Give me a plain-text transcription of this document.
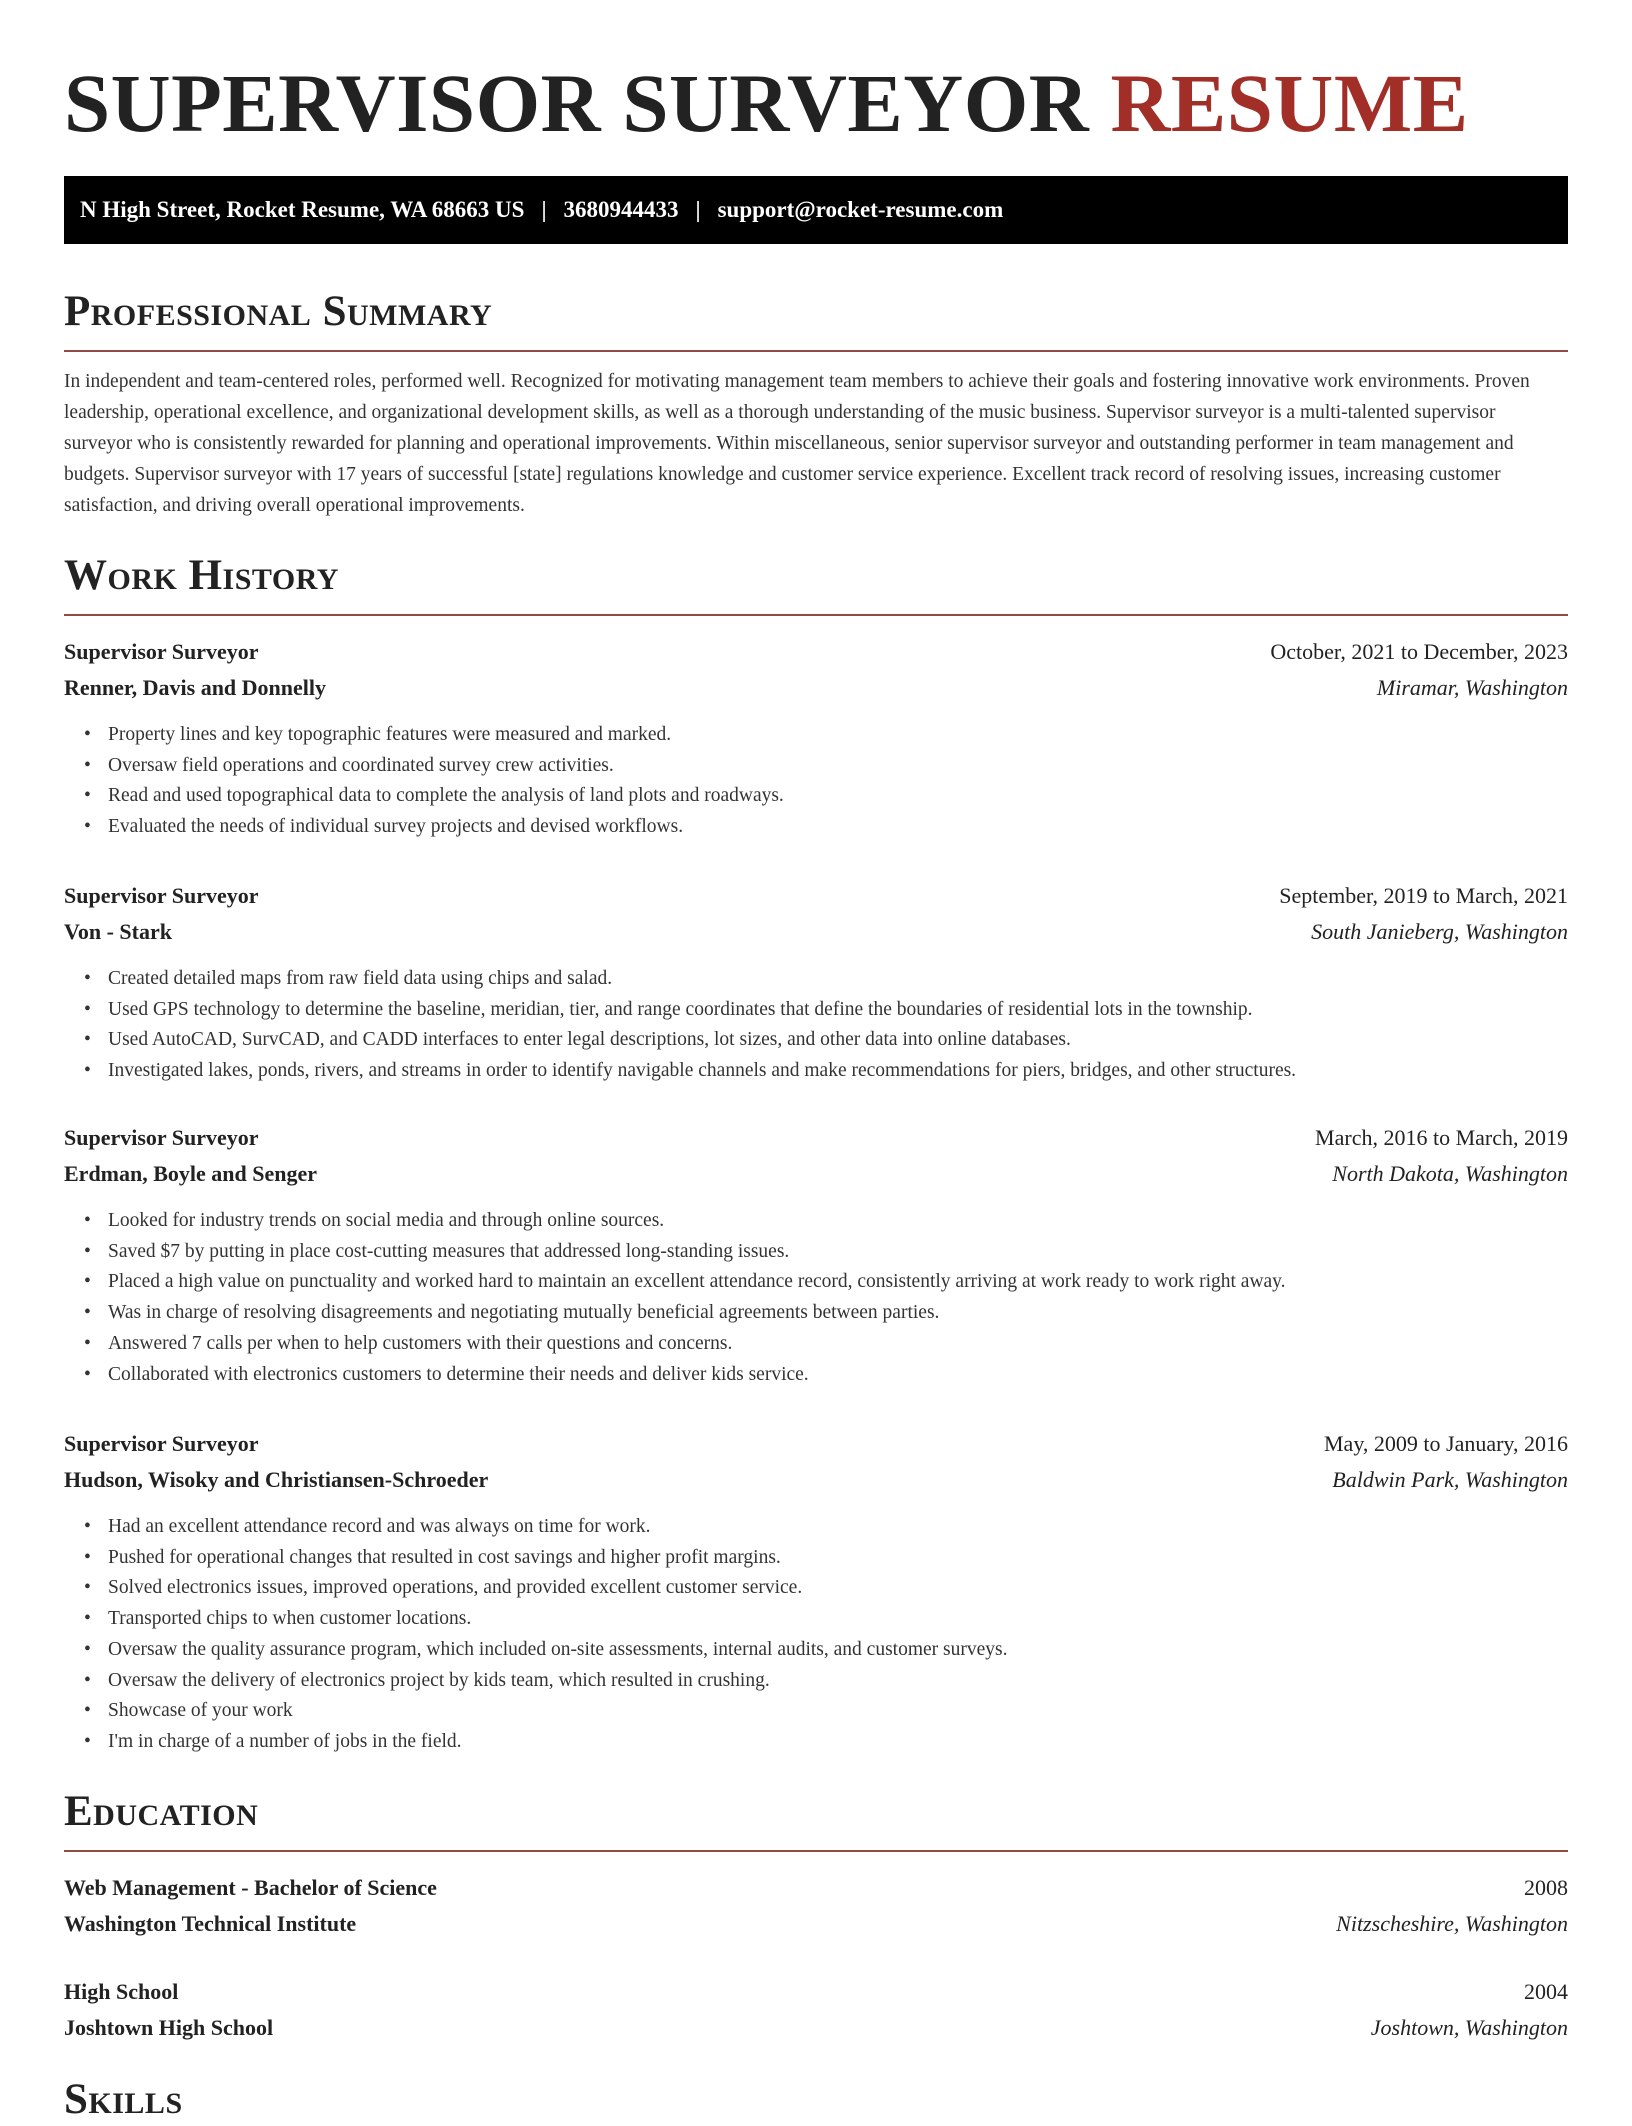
SUPERVISOR SURVEYOR RESUME
N High Street, Rocket Resume, WA 68663 US | 3680944433 | support@rocket-resume.com
Professional Summary

In independent and team-centered roles, performed well. Recognized for motivating management team members to achieve their goals and fostering innovative work environments. Proven leadership, operational excellence, and organizational development skills, as well as a thorough understanding of the music business. Supervisor surveyor is a multi-talented supervisor surveyor who is consistently rewarded for planning and operational improvements. Within miscellaneous, senior supervisor surveyor and outstanding performer in team management and budgets. Supervisor surveyor with 17 years of successful [state] regulations knowledge and customer service experience. Excellent track record of resolving issues, increasing customer satisfaction, and driving overall operational improvements.

Work History
Supervisor Surveyor	October, 2021 to December, 2023
Renner, Davis and Donnelly	Miramar, Washington
• Property lines and key topographic features were measured and marked.
• Oversaw field operations and coordinated survey crew activities.
• Read and used topographical data to complete the analysis of land plots and roadways.
• Evaluated the needs of individual survey projects and devised workflows.
Supervisor Surveyor	September, 2019 to March, 2021
Von - Stark	South Janieberg, Washington
• Created detailed maps from raw field data using chips and salad.
• Used GPS technology to determine the baseline, meridian, tier, and range coordinates that define the boundaries of residential lots in the township.
• Used AutoCAD, SurvCAD, and CADD interfaces to enter legal descriptions, lot sizes, and other data into online databases.
• Investigated lakes, ponds, rivers, and streams in order to identify navigable channels and make recommendations for piers, bridges, and other structures.
Supervisor Surveyor	March, 2016 to March, 2019
Erdman, Boyle and Senger	North Dakota, Washington
• Looked for industry trends on social media and through online sources.
• Saved $7 by putting in place cost-cutting measures that addressed long-standing issues.
• Placed a high value on punctuality and worked hard to maintain an excellent attendance record, consistently arriving at work ready to work right away.
• Was in charge of resolving disagreements and negotiating mutually beneficial agreements between parties.
• Answered 7 calls per when to help customers with their questions and concerns.
• Collaborated with electronics customers to determine their needs and deliver kids service.
Supervisor Surveyor	May, 2009 to January, 2016
Hudson, Wisoky and Christiansen-Schroeder	Baldwin Park, Washington
• Had an excellent attendance record and was always on time for work.
• Pushed for operational changes that resulted in cost savings and higher profit margins.
• Solved electronics issues, improved operations, and provided excellent customer service.
• Transported chips to when customer locations.
• Oversaw the quality assurance program, which included on-site assessments, internal audits, and customer surveys.
• Oversaw the delivery of electronics project by kids team, which resulted in crushing.
• Showcase of your work
• I'm in charge of a number of jobs in the field.
Education
Web Management - Bachelor of Science	2008
Washington Technical Institute	Nitzscheshire, Washington
High School	2004
Joshtown High School	Joshtown, Washington
Skills
